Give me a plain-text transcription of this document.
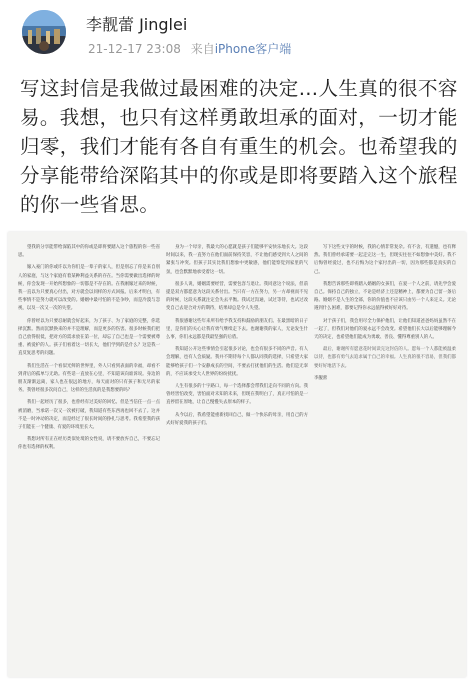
李靓蕾 Jinglei
21-12-17 23:08 来自iPhone客户端
写这封信是我做过最困难的决定…人生真的很不容易。我想，也只有这样勇敢坦承的面对，一切才能归零，我们才能有各自有重生的机会。也希望我的分享能带给深陷其中的你或是即将要踏入这个旅程的你一些省思。

望我的分享能带给深陷其中的你或是即将要踏入这个旅程的你一些省思。

嫁入豪门的你或许以为你们是一辈子的家人，但是别忘了你是来自别人的家庭，与这个家庭有着某种利益关系的存在。当你需要做出选择的时候，你会发现一开始所想象的一切都是不存在的。在我刚嫁过来的时候，我一直以为只要真心付出，对方就会以同样的方式回报。后来才明白，有些事情不是努力就可以改变的。婚姻中最可怕的不是争吵，而是冷漠与忽视，以及一次又一次的失望。

你曾经以为只要忍耐就会好起来，为了孩子、为了家庭的完整，你选择沉默。然而沉默换来的并不是理解，而是更多的伤害。很多时候我们把自己放得很低，把对方的需求放在第一位，却忘了自己也是一个需要被尊重、被爱护的人。孩子们看着这一切长大，他们学到的是什么？这是我一直反复思考的问题。

我们生活在一个看似光鲜的世界里，外人只看到表面的幸福，却看不到背后的孤单与无助。有些话一直放在心里，不知道该向谁诉说。身边的朋友渐渐远离，家人也在很远的地方，每天面对的只有孩子和无尽的家务。我曾经很多次问自己，这样的生活真的是我想要的吗？

我们一起经历了很多，也曾经有过美好的回忆。但是当信任一点一点被消磨，当承诺一次又一次被打破，我知道有些东西再也回不去了。这并不是一时冲动的决定，而是经过了很长时间的挣扎与思考。我希望我的孩子们能在一个健康、有爱的环境里长大。

我想对所有正在经历类似处境的女性说，请不要放弃自己，不要忘记你也有选择的权利。

身为一个母亲，我最大的心愿就是孩子们能够平安快乐地长大。这段时间以来，我一直努力在他们面前保持笑容，不让他们感受到大人之间的紧张与冲突。但孩子其实比我们想象中更敏感，他们能察觉到家里的气氛，也会默默地承受着这一切。

很多人说，婚姻需要经营，需要包容与退让。我同意这个说法，但前提是双方都愿意为这段关系付出。当只有一方在努力，另一方却视而不见的时候，这段关系就注定会失去平衡。我试过沟通，试过等待，也试过改变自己去迎合对方的期待，结果却总是令人失望。

我很感谢这些年来所有给予我支持和鼓励的朋友们。在最黑暗的日子里，是你们的关心让我有勇气继续走下去。也谢谢我的家人，无论发生什么事，你们永远都是我最坚强的后盾。

我知道公开这些事情会引起很多讨论，也会有很多不同的声音。有人会理解，也有人会质疑。我并不期待每个人都认同我的选择，只希望大家能够给孩子们一个安静成长的空间，不要去打扰他们的生活。他们是无辜的，不应该承受大人世界的纷纷扰扰。

人生有很多的十字路口，每一个选择都会带我们走向不同的方向。我曾经害怕改变，害怕面对未知的未来，但现在我明白了，真正可怕的是一直停留在原地，让自己慢慢失去原本的样子。

从今以后，我希望能重新找回自己，做一个快乐的母亲，用自己的方式好好爱我的孩子们。

写下这些文字的时候，我的心情非常复杂。有不舍，有遗憾，也有释然。我们曾经承诺要一起走完这一生，但现实往往不如想象中美好。我不后悔曾经爱过，也不后悔为这个家付出的一切，因为那些都是真实的自己。

我想告诉那些即将踏入婚姻的女孩们，在爱一个人之前，请先学会爱自己。保持自己的独立，不论是经济上还是精神上，都要为自己留一条后路。婚姻不是人生的全部，你的价值也不应该只由另一个人来定义。无论遇到什么困难，都要记得你永远值得被好好对待。

对于孩子们，我会用尽全力保护他们，让他们知道爸爸妈妈虽然不在一起了，但我们对他们的爱永远不会改变。希望他们长大以后能够理解今天的决定，也希望他们能成为勇敢、善良、懂得尊重别人的人。

最后，谢谢所有愿意花时间读完这封信的人。愿每一个人都能被温柔以待，也都有勇气去追求属于自己的幸福。人生真的很不容易，但我们都要好好地活下去。

李靓蕾
